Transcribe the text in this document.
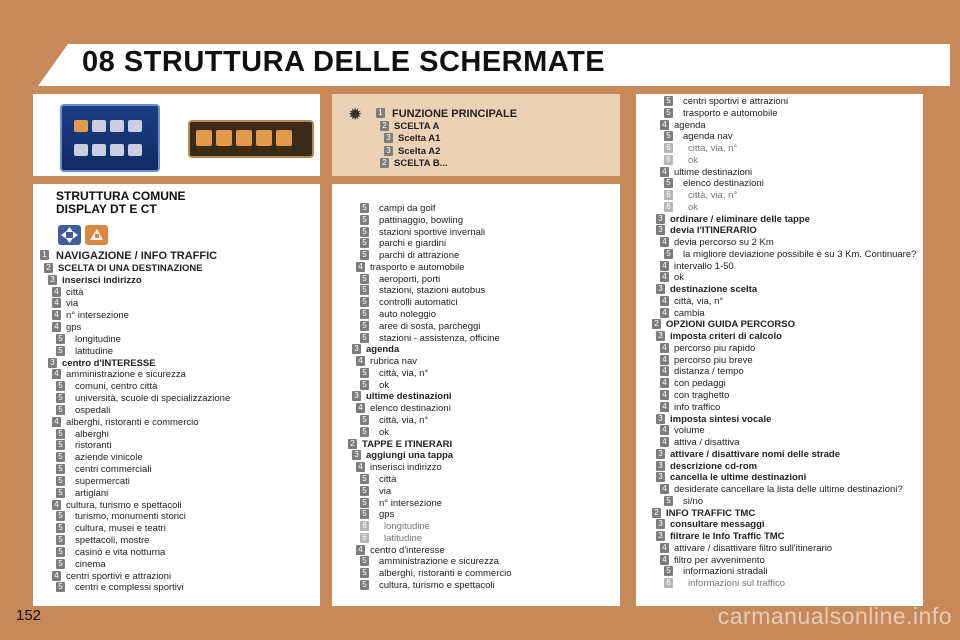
08 STRUTTURA DELLE SCHERMATE
✹	1 FUNZIONE PRINCIPALE
2 SCELTA A
3 Scelta A1
3 Scelta A2
2 SCELTA B...
STRUTTURA COMUNE
DISPLAY DT E CT
1 NAVIGAZIONE / INFO TRAFFIC
2 SCELTA DI UNA DESTINAZIONE
3 inserisci indirizzo
4 città
4 via
4 n° intersezione
4 gps
5 longitudine
5 latitudine
3 centro d'INTERESSE
4 amministrazione e sicurezza
5 comuni, centro città
5 università, scuole di specializzazione
5 ospedali
4 alberghi, ristoranti e commercio
5 alberghi
5 ristoranti
5 aziende vinicole
5 centri commerciali
5 supermercati
5 artigiani
4 cultura, turismo e spettacoli
5 turismo, monumenti storici
5 cultura, musei e teatri
5 spettacoli, mostre
5 casinò e vita notturna
5 cinema
4 centri sportivi e attrazioni
5 centri e complessi sportivi
5 campi da golf
5 pattinaggio, bowling
5 stazioni sportive invernali
5 parchi e giardini
5 parchi di attrazione
4 trasporto e automobile
5 aeroporti, porti
5 stazioni, stazioni autobus
5 controlli automatici
5 auto noleggio
5 aree di sosta, parcheggi
5 stazioni - assistenza, officine
3 agenda
4 rubrica nav
5 città, via, n°
5 ok
3 ultime destinazioni
4 elenco destinazioni
5 città, via, n°
5 ok
2 TAPPE E ITINERARI
3 aggiungi una tappa
4 inserisci indirizzo
5 città
5 via
5 n° intersezione
5 gps
6 longitudine
6 latitudine
4 centro d'interesse
5 amministrazione e sicurezza
5 alberghi, ristoranti e commercio
5 cultura, turismo e spettacoli
5 centri sportivi e attrazioni
5 trasporto e automobile
4 agenda
5 agenda nav
6 città, via, n°
6 ok
4 ultime destinazioni
5 elenco destinazioni
6 città, via, n°
6 ok
3 ordinare / eliminare delle tappe
3 devia l'ITINERARIO
4 devia percorso su 2 Km
5 la migliore deviazione possibile è su 3 Km. Continuare?
4 intervallo 1-50
4 ok
3 destinazione scelta
4 città, via, n°
4 cambia
2 OPZIONI GUIDA PERCORSO
3 imposta criteri di calcolo
4 percorso piu rapido
4 percorso piu breve
4 distanza / tempo
4 con pedaggi
4 con traghetto
4 info traffico
3 imposta sintesi vocale
4 volume
4 attiva / disattiva
3 attivare / disattivare nomi delle strade
3 descrizione cd-rom
3 cancella le ultime destinazioni
4 desiderate cancellare la lista delle ultime destinazioni?
5 si/no
2 INFO TRAFFIC TMC
3 consultare messaggi
3 filtrare le Info Traffic TMC
4 attivare / disattivare filtro sull'itinerario
4 filtro per avvenimento
5 informazioni stradali
6 informazioni sul traffico
152	carmanualsonline.info
